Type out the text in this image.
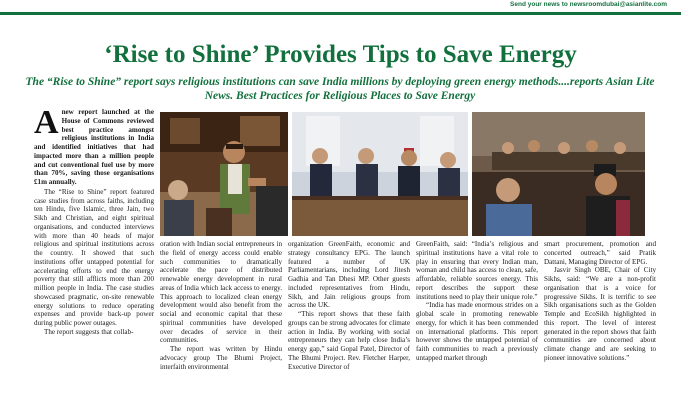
Send your news to newsroomdubai@asianlite.com
‘Rise to Shine’ Provides Tips to Save Energy
The “Rise to Shine” report says religious institutions can save India millions by deploying green energy methods....reports Asian Lite News. Best Practices for Religious Places to Save Energy
A new report launched at the House of Commons reviewed best practice amongst religious institutions in India and identified initiatives that had impacted more than a million people and cut conventional fuel use by more than 70%, saving those organisations £1m annually.

The “Rise to Shine” report featured case studies from across faiths, including ten Hindu, five Islamic, three Jain, two Sikh and Christian, and eight spiritual organisations, and conducted interviews with more than 40 heads of major religious and spiritual institutions across the country. It showed that such institutions offer untapped potential for accelerating efforts to end the energy poverty that still afflicts more than 200 million people in India. The case studies showcased pragmatic, on-site renewable energy solutions to reduce operating expenses and provide back-up power during public power outages.

The report suggests that collab-

oration with Indian social entrepreneurs in the field of energy access could enable such communities to dramatically accelerate the pace of distributed renewable energy development in rural areas of India which lack access to energy. This approach to localized clean energy development would also benefit from the social and economic capital that these spiritual communities have developed over decades of service in their communities.

The report was written by Hindu advocacy group The Bhumi Project, interfaith environmental

organization GreenFaith, economic and strategy consultancy EPG. The launch featured a number of UK Parliamentarians, including Lord Jitesh Gadhia and Tan Dhesi MP. Other guests included representatives from Hindu, Sikh, and Jain religious groups from across the UK.

“This report shows that these faith groups can be strong advocates for climate action in India. By working with social entrepreneurs they can help close India’s energy gap,” said Gopal Patel, Director of The Bhumi Project. Rev. Fletcher Harper, Executive Director of

GreenFaith, said: “India’s religious and spiritual institutions have a vital role to play in ensuring that every Indian man, woman and child has access to clean, safe, affordable, reliable sources energy. This report describes the support these institutions need to play their unique role.”

“India has made enormous strides on a global scale in promoting renewable energy, for which it has been commended on international platforms. This report however shows the untapped potential of faith communities to reach a previously untapped market through

smart procurement, promotion and concerted outreach,” said Pratik Dattani, Managing Director of EPG.

Jasvir Singh OBE, Chair of City Sikhs, said: “We are a non-profit organisation that is a voice for progressive Sikhs. It is terrific to see Sikh organisations such as the Golden Temple and EcoSikh highlighted in this report. The level of interest generated in the report shows that faith communities are concerned about climate change and are seeking to pioneer innovative solutions.”
